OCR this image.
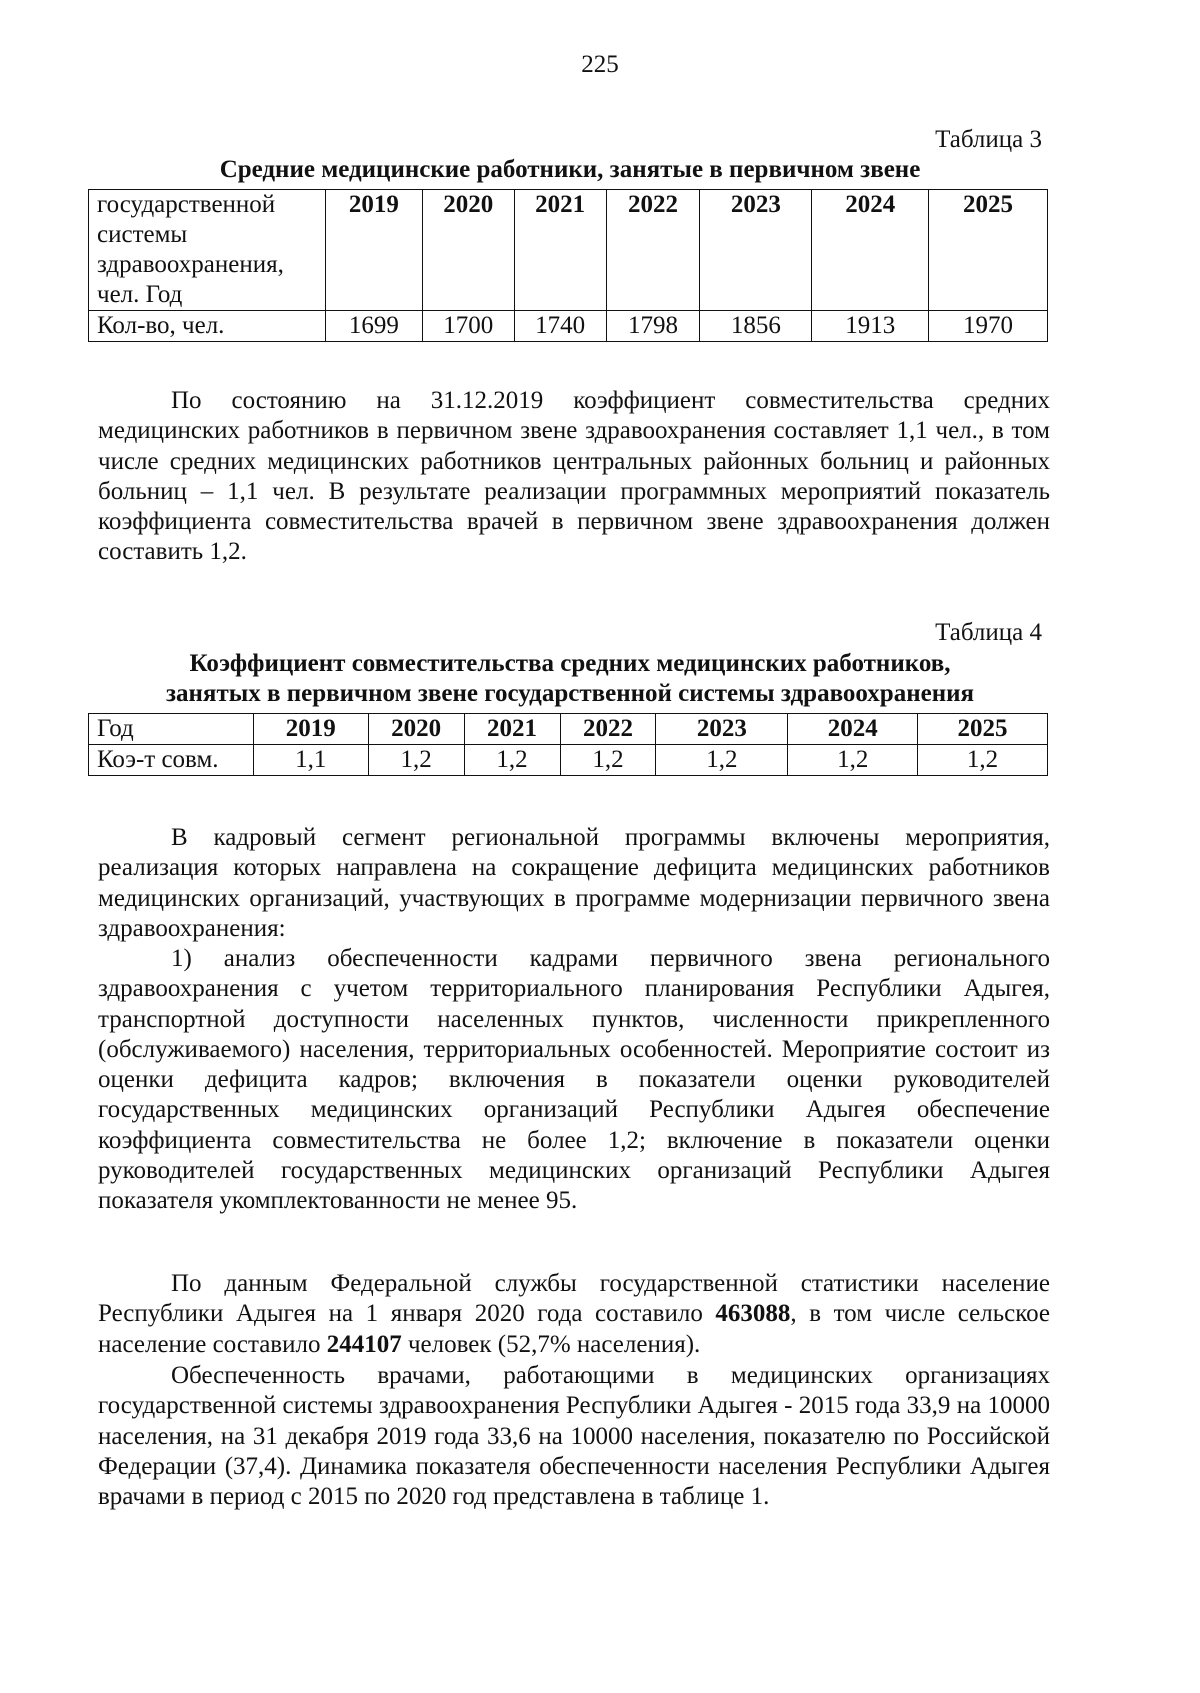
225
Таблица 3
Средние медицинские работники, занятые в первичном звене
государственной
системы
здравоохранения,
чел. Год	2019	2020	2021	2022	2023	2024	2025
Кол-во, чел.	1699	1700	1740	1798	1856	1913	1970

По состоянию на 31.12.2019 коэффициент совместительства средних медицинских работников в первичном звене здравоохранения составляет 1,1 чел., в том числе средних медицинских работников центральных районных больниц и районных больниц – 1,1 чел. В результате реализации программных мероприятий показатель коэффициента совместительства врачей в первичном звене здравоохранения должен составить 1,2.

Таблица 4
Коэффициент совместительства средних медицинских работников,
занятых в первичном звене государственной системы здравоохранения
Год	2019	2020	2021	2022	2023	2024	2025
Коэ-т совм.	1,1	1,2	1,2	1,2	1,2	1,2	1,2

В кадровый сегмент региональной программы включены мероприятия, реализация которых направлена на сокращение дефицита медицинских работников медицинских организаций, участвующих в программе модернизации первичного звена здравоохранения:

1) анализ обеспеченности кадрами первичного звена регионального здравоохранения с учетом территориального планирования Республики Адыгея, транспортной доступности населенных пунктов, численности прикрепленного (обслуживаемого) населения, территориальных особенностей. Мероприятие состоит из оценки дефицита кадров; включения в показатели оценки руководителей государственных медицинских организаций Республики Адыгея обеспечение коэффициента совместительства не более 1,2; включение в показатели оценки руководителей государственных медицинских организаций Республики Адыгея показателя укомплектованности не менее 95.

По данным Федеральной службы государственной статистики население Республики Адыгея на 1 января 2020 года составило 463088, в том числе сельское население составило 244107 человек (52,7% населения).

Обеспеченность врачами, работающими в медицинских организациях государственной системы здравоохранения Республики Адыгея - 2015 года 33,9 на 10000 населения, на 31 декабря 2019 года 33,6 на 10000 населения, показателю по Российской Федерации (37,4). Динамика показателя обеспеченности населения Республики Адыгея врачами в период с 2015 по 2020 год представлена в таблице 1.
